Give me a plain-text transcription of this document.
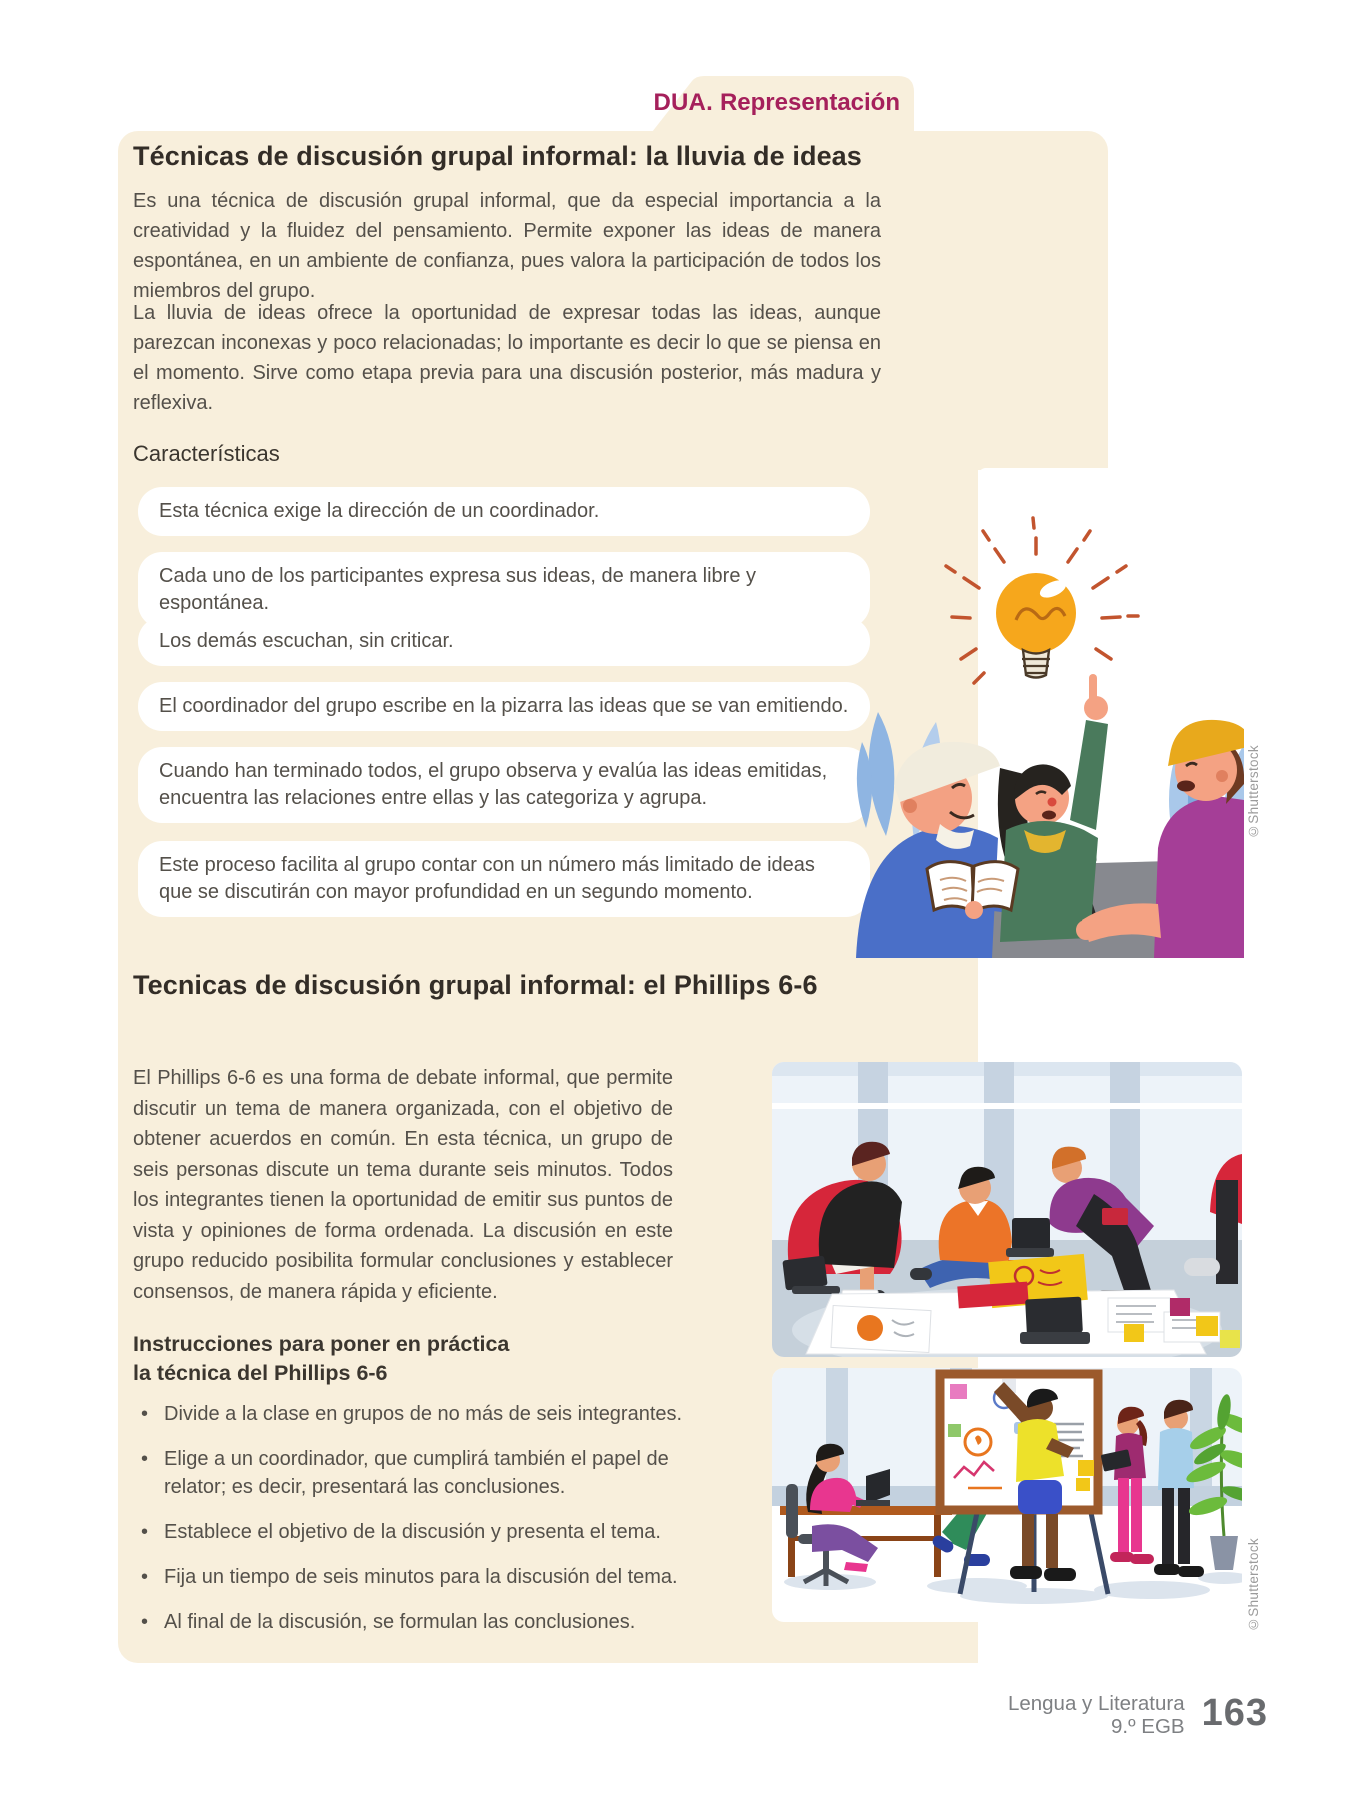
DUA. Representación
Técnicas de discusión grupal informal: la lluvia de ideas
Es una técnica de discusión grupal informal, que da especial importancia a la creatividad y la fluidez del pensamiento. Permite exponer las ideas de manera espontánea, en un ambiente de confianza, pues valora la participación de todos los miembros del grupo.
La lluvia de ideas ofrece la oportunidad de expresar todas las ideas, aunque parezcan inconexas y poco relacionadas; lo importante es decir lo que se piensa en el momento. Sirve como etapa previa para una discusión posterior, más madura y reflexiva.
Características
Esta técnica exige la dirección de un coordinador.
Cada uno de los participantes expresa sus ideas, de manera libre y espontánea.
Los demás escuchan, sin criticar.
El coordinador del grupo escribe en la pizarra las ideas que se van emitiendo.
Cuando han terminado todos, el grupo observa y evalúa las ideas emitidas, encuentra las relaciones entre ellas y las categoriza y agrupa.
Este proceso facilita al grupo contar con un número más limitado de ideas que se discutirán con mayor profundidad en un segundo momento.
Tecnicas de discusión grupal informal: el Phillips 6-6
El Phillips 6-6 es una forma de debate informal, que permite discutir un tema de manera organizada, con el objetivo de obtener acuerdos en común. En esta técnica, un grupo de seis personas discute un tema durante seis minutos. Todos los integrantes tienen la oportunidad de emitir sus puntos de vista y opiniones de forma ordenada. La discusión en este grupo reducido posibilita formular conclusiones y establecer consensos, de manera rápida y eficiente.
Instrucciones para poner en práctica
la técnica del Phillips 6-6
• Divide a la clase en grupos de no más de seis integrantes.
• Elige a un coordinador, que cumplirá también el papel de relator; es decir, presentará las conclusiones.
• Establece el objetivo de la discusión y presenta el tema.
• Fija un tiempo de seis minutos para la discusión del tema.
• Al final de la discusión, se formulan las conclusiones.
©Shutterstock
©Shutterstock
Lengua y Literatura
9.º EGB 163
